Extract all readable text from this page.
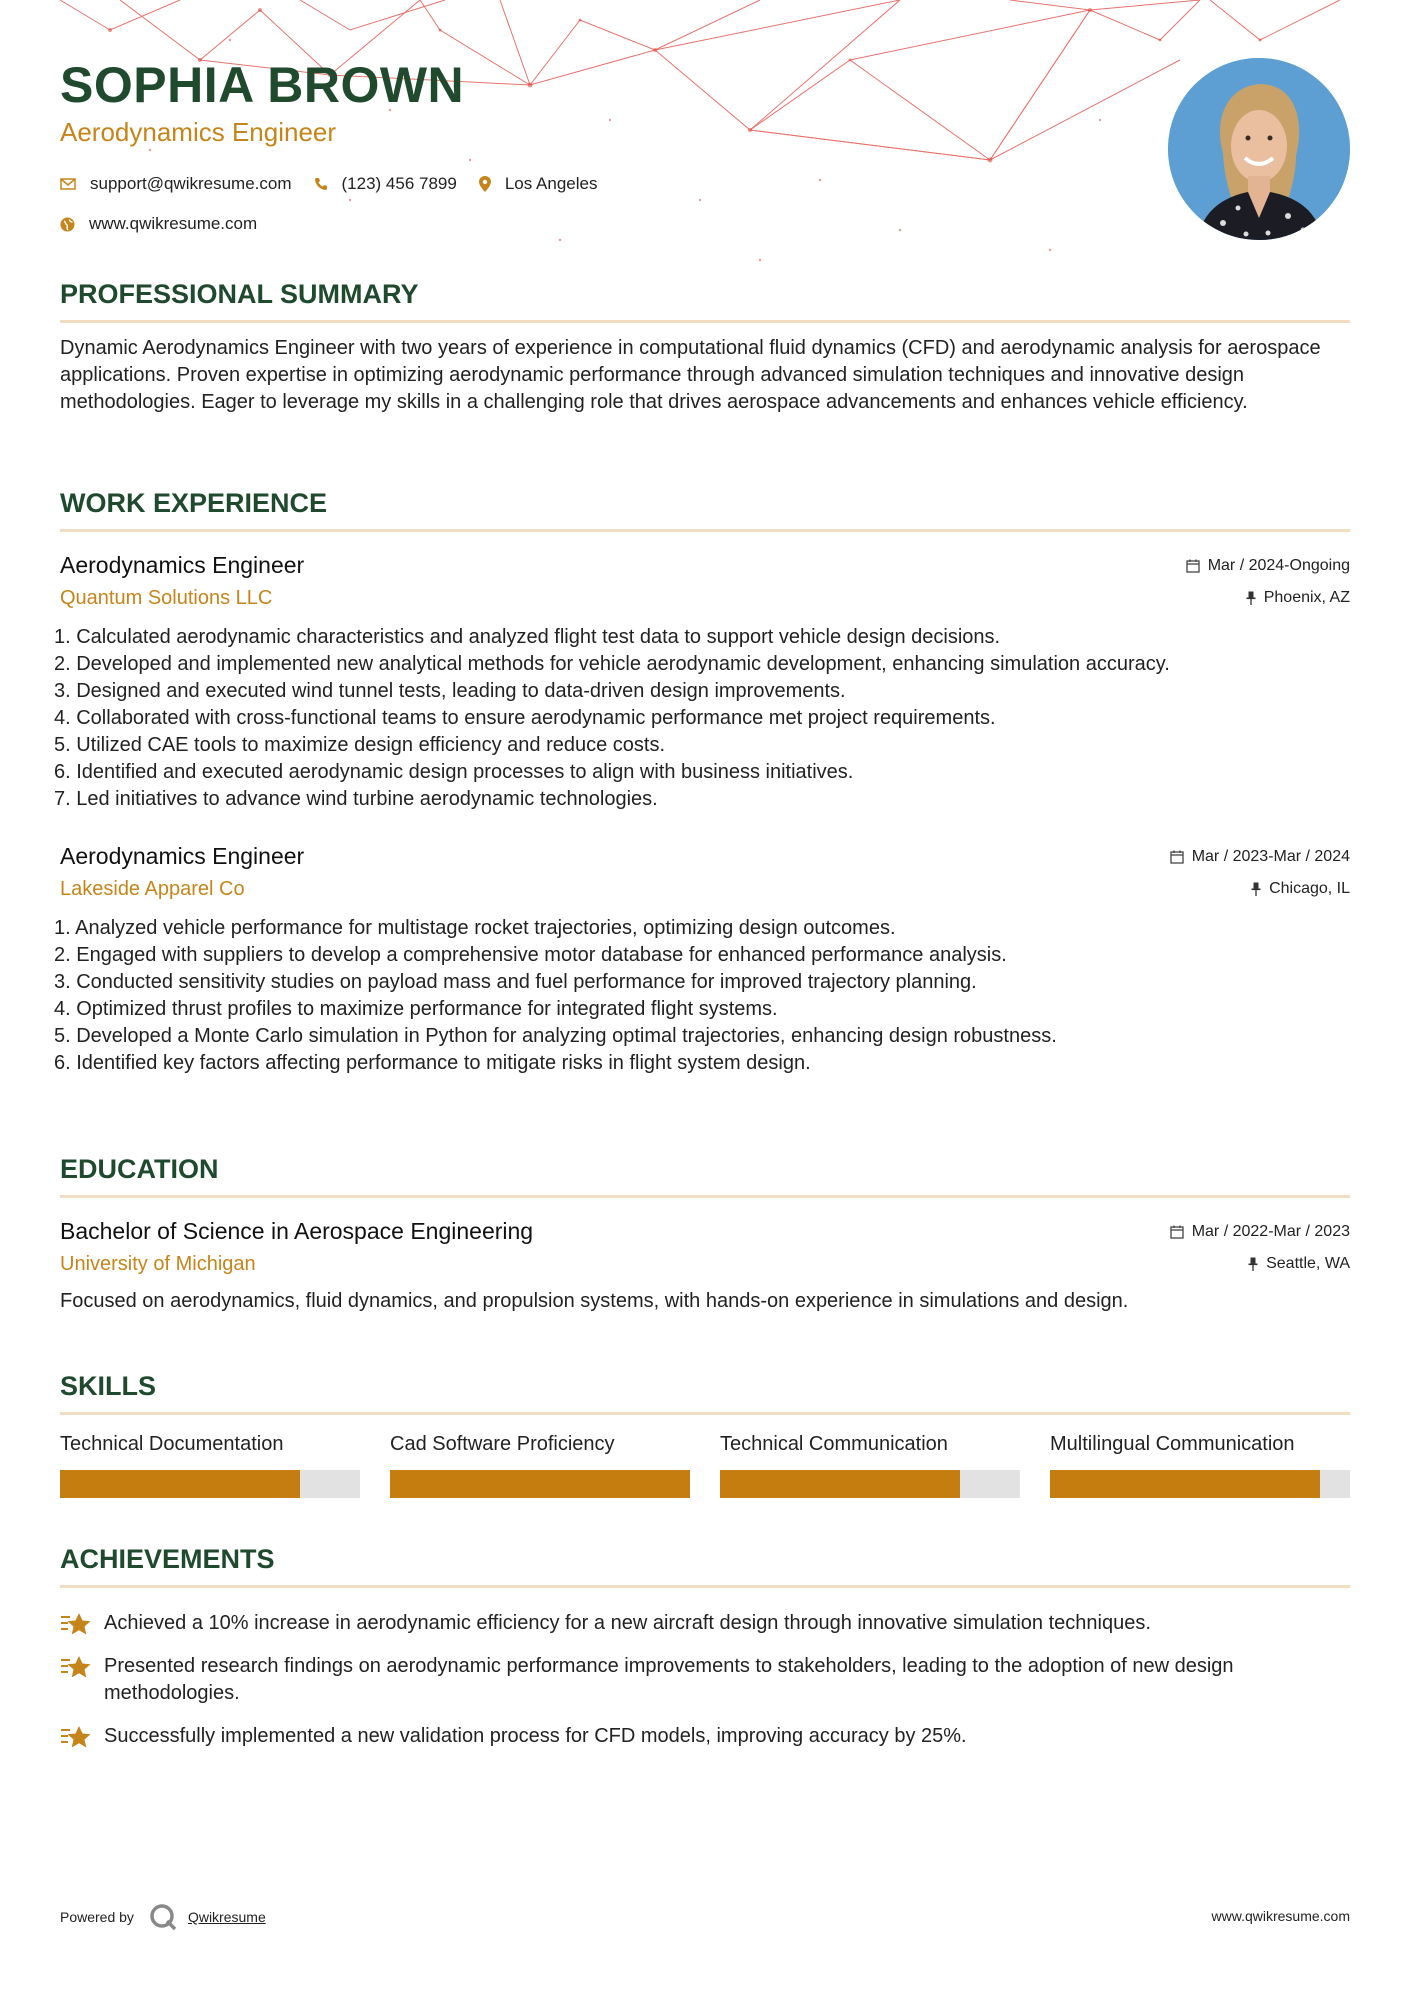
SOPHIA BROWN
Aerodynamics Engineer
support@qwikresume.com	(123) 456 7899	Los Angeles
www.qwikresume.com
PROFESSIONAL SUMMARY
Dynamic Aerodynamics Engineer with two years of experience in computational fluid dynamics (CFD) and aerodynamic analysis for aerospace applications. Proven expertise in optimizing aerodynamic performance through advanced simulation techniques and innovative design methodologies. Eager to leverage my skills in a challenging role that drives aerospace advancements and enhances vehicle efficiency.
WORK EXPERIENCE
Aerodynamics Engineer
Quantum Solutions LLC
Mar / 2024-Ongoing
Phoenix, AZ
1. Calculated aerodynamic characteristics and analyzed flight test data to support vehicle design decisions.
2. Developed and implemented new analytical methods for vehicle aerodynamic development, enhancing simulation accuracy.
3. Designed and executed wind tunnel tests, leading to data-driven design improvements.
4. Collaborated with cross-functional teams to ensure aerodynamic performance met project requirements.
5. Utilized CAE tools to maximize design efficiency and reduce costs.
6. Identified and executed aerodynamic design processes to align with business initiatives.
7. Led initiatives to advance wind turbine aerodynamic technologies.
Aerodynamics Engineer
Lakeside Apparel Co
Mar / 2023-Mar / 2024
Chicago, IL
1. Analyzed vehicle performance for multistage rocket trajectories, optimizing design outcomes.
2. Engaged with suppliers to develop a comprehensive motor database for enhanced performance analysis.
3. Conducted sensitivity studies on payload mass and fuel performance for improved trajectory planning.
4. Optimized thrust profiles to maximize performance for integrated flight systems.
5. Developed a Monte Carlo simulation in Python for analyzing optimal trajectories, enhancing design robustness.
6. Identified key factors affecting performance to mitigate risks in flight system design.
EDUCATION
Bachelor of Science in Aerospace Engineering
University of Michigan
Mar / 2022-Mar / 2023
Seattle, WA
Focused on aerodynamics, fluid dynamics, and propulsion systems, with hands-on experience in simulations and design.
SKILLS
Technical Documentation	Cad Software Proficiency	Technical Communication	Multilingual Communication
ACHIEVEMENTS
Achieved a 10% increase in aerodynamic efficiency for a new aircraft design through innovative simulation techniques.
Presented research findings on aerodynamic performance improvements to stakeholders, leading to the adoption of new design methodologies.
Successfully implemented a new validation process for CFD models, improving accuracy by 25%.
Powered by	Qwikresume	www.qwikresume.com
